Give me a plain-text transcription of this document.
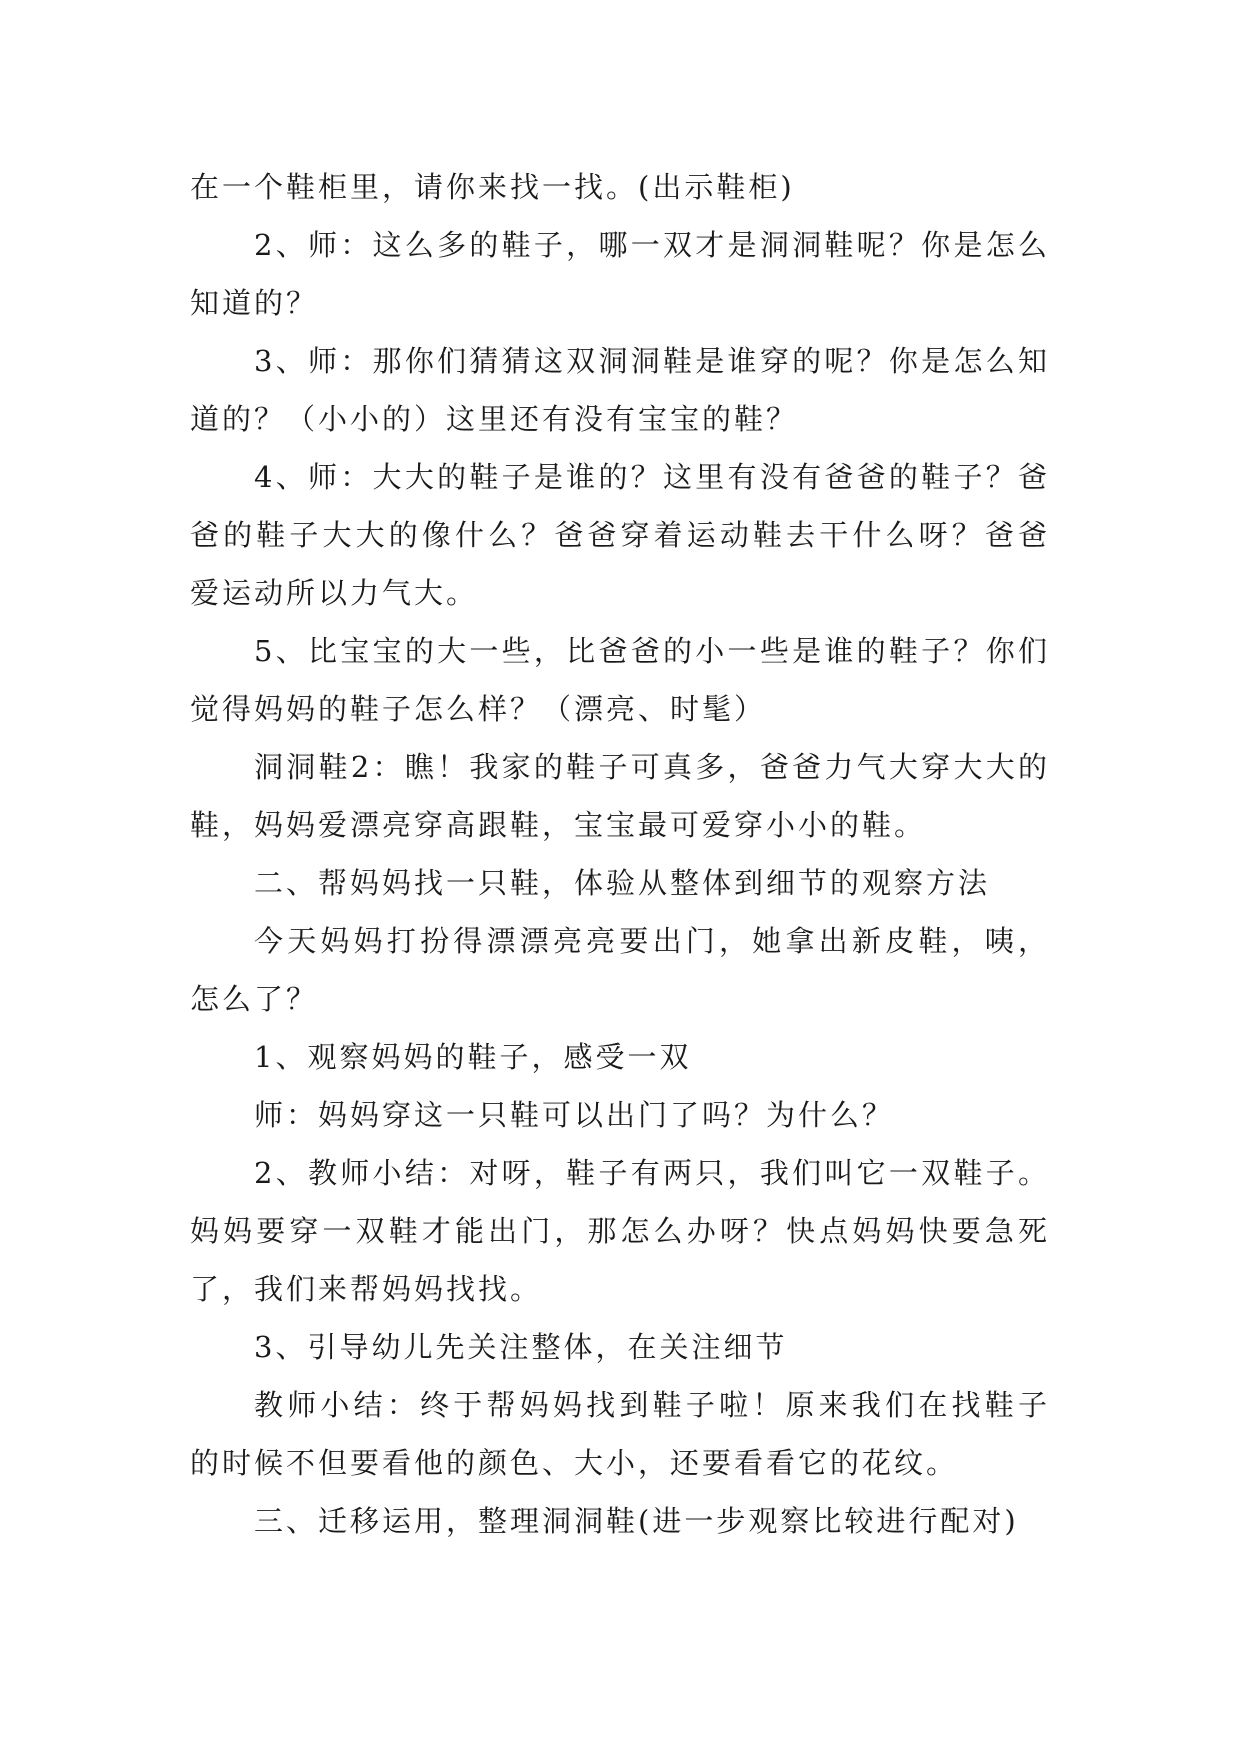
在一个鞋柜里，请你来找一找。(出示鞋柜)

2、师：这么多的鞋子，哪一双才是洞洞鞋呢？你是怎么知道的？

3、师：那你们猜猜这双洞洞鞋是谁穿的呢？你是怎么知道的？（小小的）这里还有没有宝宝的鞋？

4、师：大大的鞋子是谁的？这里有没有爸爸的鞋子？爸爸的鞋子大大的像什么？爸爸穿着运动鞋去干什么呀？爸爸爱运动所以力气大。

5、比宝宝的大一些，比爸爸的小一些是谁的鞋子？你们觉得妈妈的鞋子怎么样？（漂亮、时髦）

洞洞鞋2：瞧！我家的鞋子可真多，爸爸力气大穿大大的鞋，妈妈爱漂亮穿高跟鞋，宝宝最可爱穿小小的鞋。

二、帮妈妈找一只鞋，体验从整体到细节的观察方法

今天妈妈打扮得漂漂亮亮要出门，她拿出新皮鞋，咦，怎么了？

1、观察妈妈的鞋子，感受一双

师：妈妈穿这一只鞋可以出门了吗？为什么？

2、教师小结：对呀，鞋子有两只，我们叫它一双鞋子。妈妈要穿一双鞋才能出门，那怎么办呀？快点妈妈快要急死了，我们来帮妈妈找找。

3、引导幼儿先关注整体，在关注细节

教师小结：终于帮妈妈找到鞋子啦！原来我们在找鞋子的时候不但要看他的颜色、大小，还要看看它的花纹。

三、迁移运用，整理洞洞鞋(进一步观察比较进行配对)
